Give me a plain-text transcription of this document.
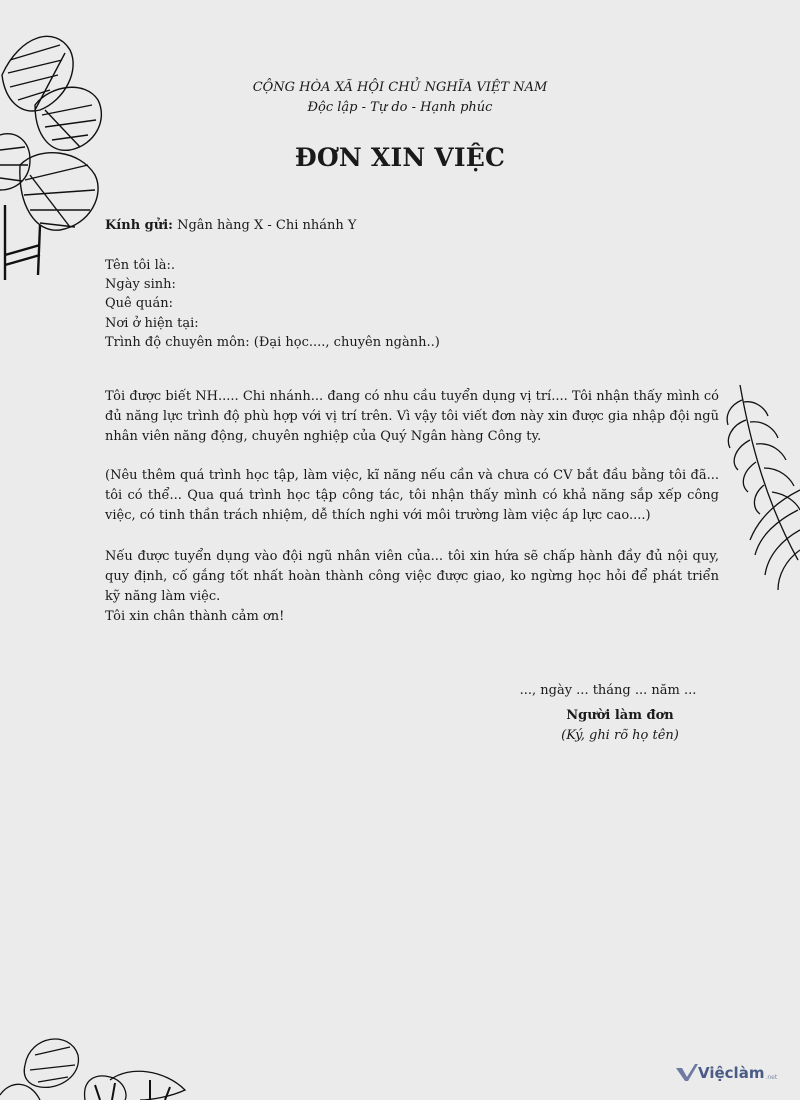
CỘNG HÒA XÃ HỘI CHỦ NGHĨA VIỆT NAM
Độc lập - Tự do - Hạnh phúc
ĐƠN XIN VIỆC
Kính gửi: Ngân hàng X - Chi nhánh Y
Tên tôi là:.
Ngày sinh:
Quê quán:
Nơi ở hiện tại:
Trình độ chuyên môn: (Đại học...., chuyên ngành..)
Tôi được biết NH..... Chi nhánh... đang có nhu cầu tuyển dụng vị trí.... Tôi nhận thấy mình có đủ năng lực trình độ phù hợp với vị trí trên. Vì vậy tôi viết đơn này xin được gia nhập đội ngũ nhân viên năng động, chuyên nghiệp của Quý Ngân hàng Công ty.
(Nêu thêm quá trình học tập, làm việc, kĩ năng nếu cần và chưa có CV bắt đầu bằng tôi đã... tôi có thể... Qua quá trình học tập công tác, tôi nhận thấy mình có khả năng sắp xếp công việc, có tinh thần trách nhiệm, dễ thích nghi với môi trường làm việc áp lực cao....)
Nếu được tuyển dụng vào đội ngũ nhân viên của... tôi xin hứa sẽ chấp hành đầy đủ nội quy, quy định, cố gắng tốt nhất hoàn thành công việc được giao, ko ngừng học hỏi để phát triển kỹ năng làm việc.
Tôi xin chân thành cảm ơn!
..., ngày ... tháng ... năm ...
Người làm đơn
(Ký, ghi rõ họ tên)
Việclàm .net
